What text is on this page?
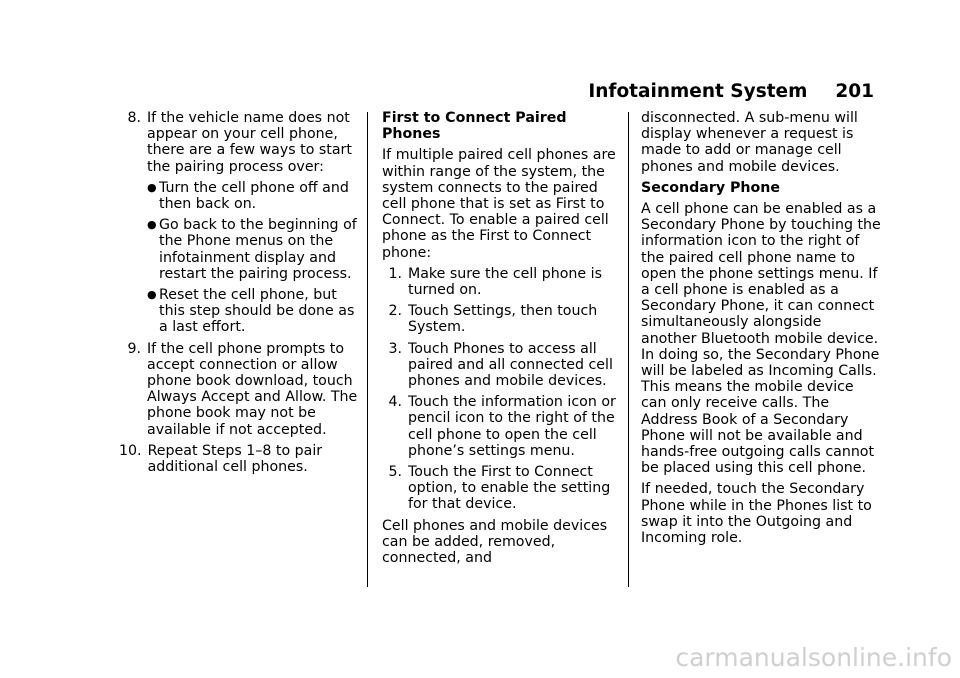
Infotainment System 201
8. If the vehicle name does not appear on your cell phone, there are a few ways to start the pairing process over:
● Turn the cell phone off and then back on.
● Go back to the beginning of the Phone menus on the infotainment display and restart the pairing process.
● Reset the cell phone, but this step should be done as a last effort.
9. If the cell phone prompts to accept connection or allow phone book download, touch Always Accept and Allow. The phone book may not be available if not accepted.
10. Repeat Steps 1–8 to pair additional cell phones.

First to Connect Paired Phones

If multiple paired cell phones are within range of the system, the system connects to the paired cell phone that is set as First to Connect. To enable a paired cell phone as the First to Connect phone:

1. Make sure the cell phone is turned on.
2. Touch Settings, then touch System.
3. Touch Phones to access all paired and all connected cell phones and mobile devices.
4. Touch the information icon or pencil icon to the right of the cell phone to open the cell phone’s settings menu.
5. Touch the First to Connect option, to enable the setting for that device.

Cell phones and mobile devices can be added, removed, connected, and

disconnected. A sub-menu will display whenever a request is made to add or manage cell phones and mobile devices.

Secondary Phone

A cell phone can be enabled as a Secondary Phone by touching the information icon to the right of the paired cell phone name to open the phone settings menu. If a cell phone is enabled as a Secondary Phone, it can connect simultaneously alongside another Bluetooth mobile device. In doing so, the Secondary Phone will be labeled as Incoming Calls. This means the mobile device can only receive calls. The Address Book of a Secondary Phone will not be available and hands-free outgoing calls cannot be placed using this cell phone.

If needed, touch the Secondary Phone while in the Phones list to swap it into the Outgoing and Incoming role.

carmanualsonline.info
